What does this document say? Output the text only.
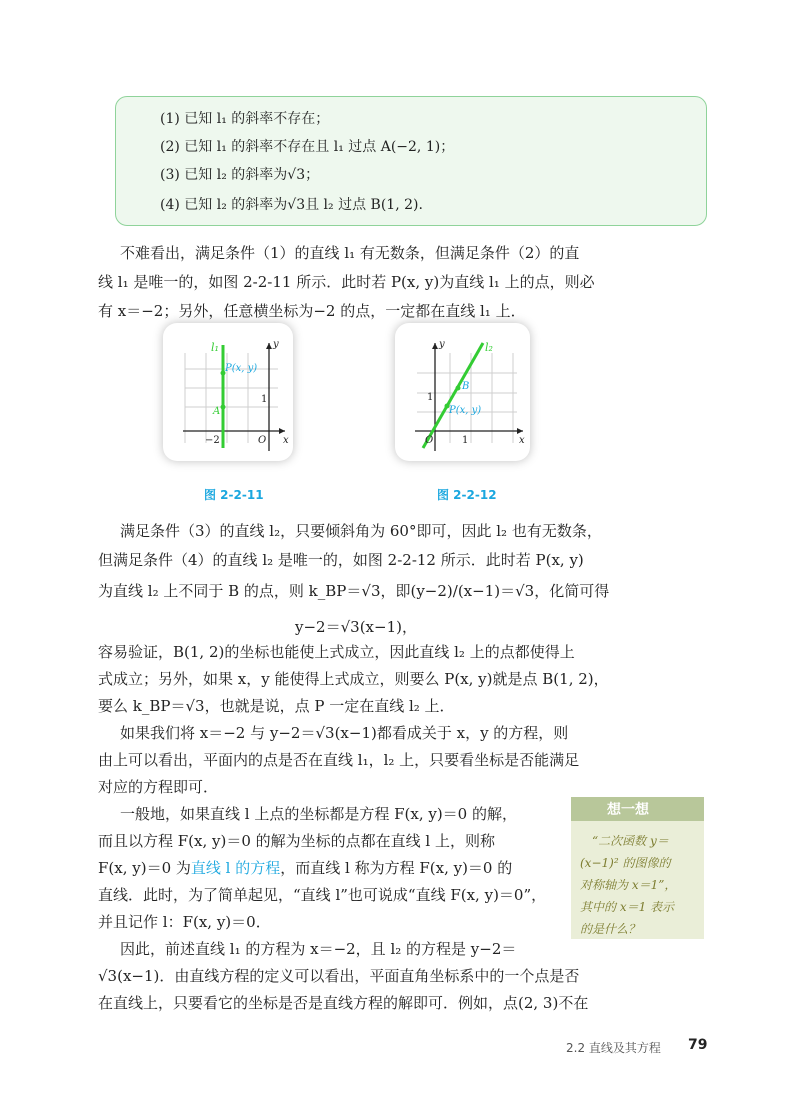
(1) 已知 l₁ 的斜率不存在；
(2) 已知 l₁ 的斜率不存在且 l₁ 过点 A(−2, 1)；
(3) 已知 l₂ 的斜率为√3；
(4) 已知 l₂ 的斜率为√3且 l₂ 过点 B(1, 2).
不难看出，满足条件（1）的直线 l₁ 有无数条，但满足条件（2）的直
线 l₁ 是唯一的，如图 2-2-11 所示．此时若 P(x, y)为直线 l₁ 上的点，则必
有 x＝−2；另外，任意横坐标为−2 的点，一定都在直线 l₁ 上．
l₁
P(x, y)
A
1
−2	O x
y
图 2-2-11
l₂
B
P(x, y)
1
1
O	x
y
图 2-2-12
满足条件（3）的直线 l₂，只要倾斜角为 60°即可，因此 l₂ 也有无数条，
但满足条件（4）的直线 l₂ 是唯一的，如图 2-2-12 所示．此时若 P(x, y)
为直线 l₂ 上不同于 B 的点，则 k_BP＝√3，即(y−2)/(x−1)＝√3，化简可得
y−2＝√3(x−1)，
容易验证，B(1, 2)的坐标也能使上式成立，因此直线 l₂ 上的点都使得上
式成立；另外，如果 x，y 能使得上式成立，则要么 P(x, y)就是点 B(1, 2)，
要么 k_BP＝√3，也就是说，点 P 一定在直线 l₂ 上．
如果我们将 x＝−2 与 y−2＝√3(x−1)都看成关于 x，y 的方程，则
由上可以看出，平面内的点是否在直线 l₁，l₂ 上，只要看坐标是否能满足
对应的方程即可．
一般地，如果直线 l 上点的坐标都是方程 F(x, y)＝0 的解，
而且以方程 F(x, y)＝0 的解为坐标的点都在直线 l 上，则称
F(x, y)＝0 为直线 l 的方程，而直线 l 称为方程 F(x, y)＝0 的
直线．此时，为了简单起见，“直线 l”也可说成“直线 F(x, y)＝0”，
并且记作 l：F(x, y)＝0．
因此，前述直线 l₁ 的方程为 x＝−2，且 l₂ 的方程是 y−2＝
√3(x−1)．由直线方程的定义可以看出，平面直角坐标系中的一个点是否
在直线上，只要看它的坐标是否是直线方程的解即可．例如，点(2, 3)不在
想一想
“二次函数 y＝
(x−1)² 的图像的
对称轴为 x＝1”，
其中的 x＝1 表示
的是什么？
2.2 直线及其方程 79
